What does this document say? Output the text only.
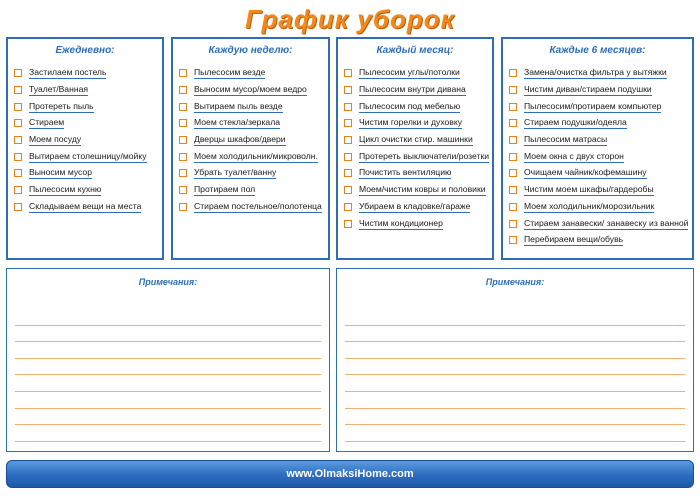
График уборок
Ежедневно:
Застилаем постель
Туалет/Ванная
Протереть пыль
Стираем
Моем посуду
Вытираем столешницу/мойку
Выносим мусор
Пылесосим кухню
Складываем вещи на места
Каждую неделю:
Пылесосим везде
Выносим мусор/моем ведро
Вытираем пыль везде
Моем стекла/зеркала
Дверцы шкафов/двери
Моем холодильник/микроволн.
Убрать туалет/ванну
Протираем пол
Стираем постельное/полотенца
Каждый месяц:
Пылесосим углы/потолки
Пылесосим внутри дивана
Пылесосим под мебелью
Чистим горелки и духовку
Цикл очистки стир. машинки
Протереть выключатели/розетки
Почистить вентиляцию
Моем/чистим ковры и половики
Убираем в кладовке/гараже
Чистим кондиционер
Каждые 6 месяцев:
Замена/очистка фильтра у вытяжки
Чистим диван/стираем подушки
Пылесосим/протираем компьютер
Стираем подушки/одеяла
Пылесосим матрасы
Моем окна с двух сторон
Очищаем чайник/кофемашину
Чистим моем шкафы/гардеробы
Моем холодильник/морозильник
Стираем занавески/ занавеску из ванной
Перебираем вещи/обувь
Примечания:	Примечания:
www.OlmaksiHome.com
